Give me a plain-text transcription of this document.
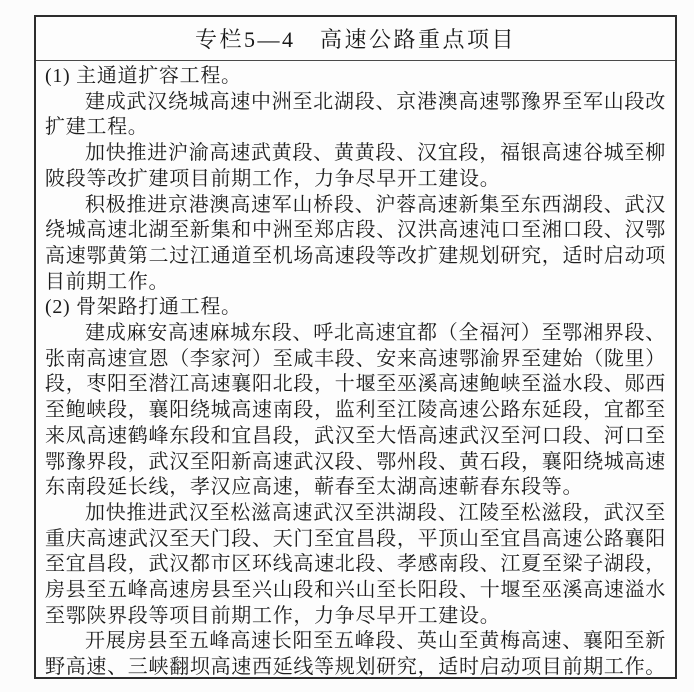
专栏5—4　高速公路重点项目

(1) 主通道扩容工程。

建成武汉绕城高速中洲至北湖段、京港澳高速鄂豫界至军山段改扩建工程。

加快推进沪渝高速武黄段、黄黄段、汉宜段，福银高速谷城至柳陂段等改扩建项目前期工作，力争尽早开工建设。

积极推进京港澳高速军山桥段、沪蓉高速新集至东西湖段、武汉绕城高速北湖至新集和中洲至郑店段、汉洪高速沌口至湘口段、汉鄂高速鄂黄第二过江通道至机场高速段等改扩建规划研究，适时启动项目前期工作。

(2) 骨架路打通工程。

建成麻安高速麻城东段、呼北高速宜都（全福河）至鄂湘界段、张南高速宣恩（李家河）至咸丰段、安来高速鄂渝界至建始（陇里）段，枣阳至潜江高速襄阳北段，十堰至巫溪高速鲍峡至溢水段、郧西至鲍峡段，襄阳绕城高速南段，监利至江陵高速公路东延段，宜都至来凤高速鹤峰东段和宜昌段，武汉至大悟高速武汉至河口段、河口至鄂豫界段，武汉至阳新高速武汉段、鄂州段、黄石段，襄阳绕城高速东南段延长线，孝汉应高速，蕲春至太湖高速蕲春东段等。

加快推进武汉至松滋高速武汉至洪湖段、江陵至松滋段，武汉至重庆高速武汉至天门段、天门至宜昌段，平顶山至宜昌高速公路襄阳至宜昌段，武汉都市区环线高速北段、孝感南段、江夏至梁子湖段，房县至五峰高速房县至兴山段和兴山至长阳段、十堰至巫溪高速溢水至鄂陕界段等项目前期工作，力争尽早开工建设。

开展房县至五峰高速长阳至五峰段、英山至黄梅高速、襄阳至新野高速、三峡翻坝高速西延线等规划研究，适时启动项目前期工作。
